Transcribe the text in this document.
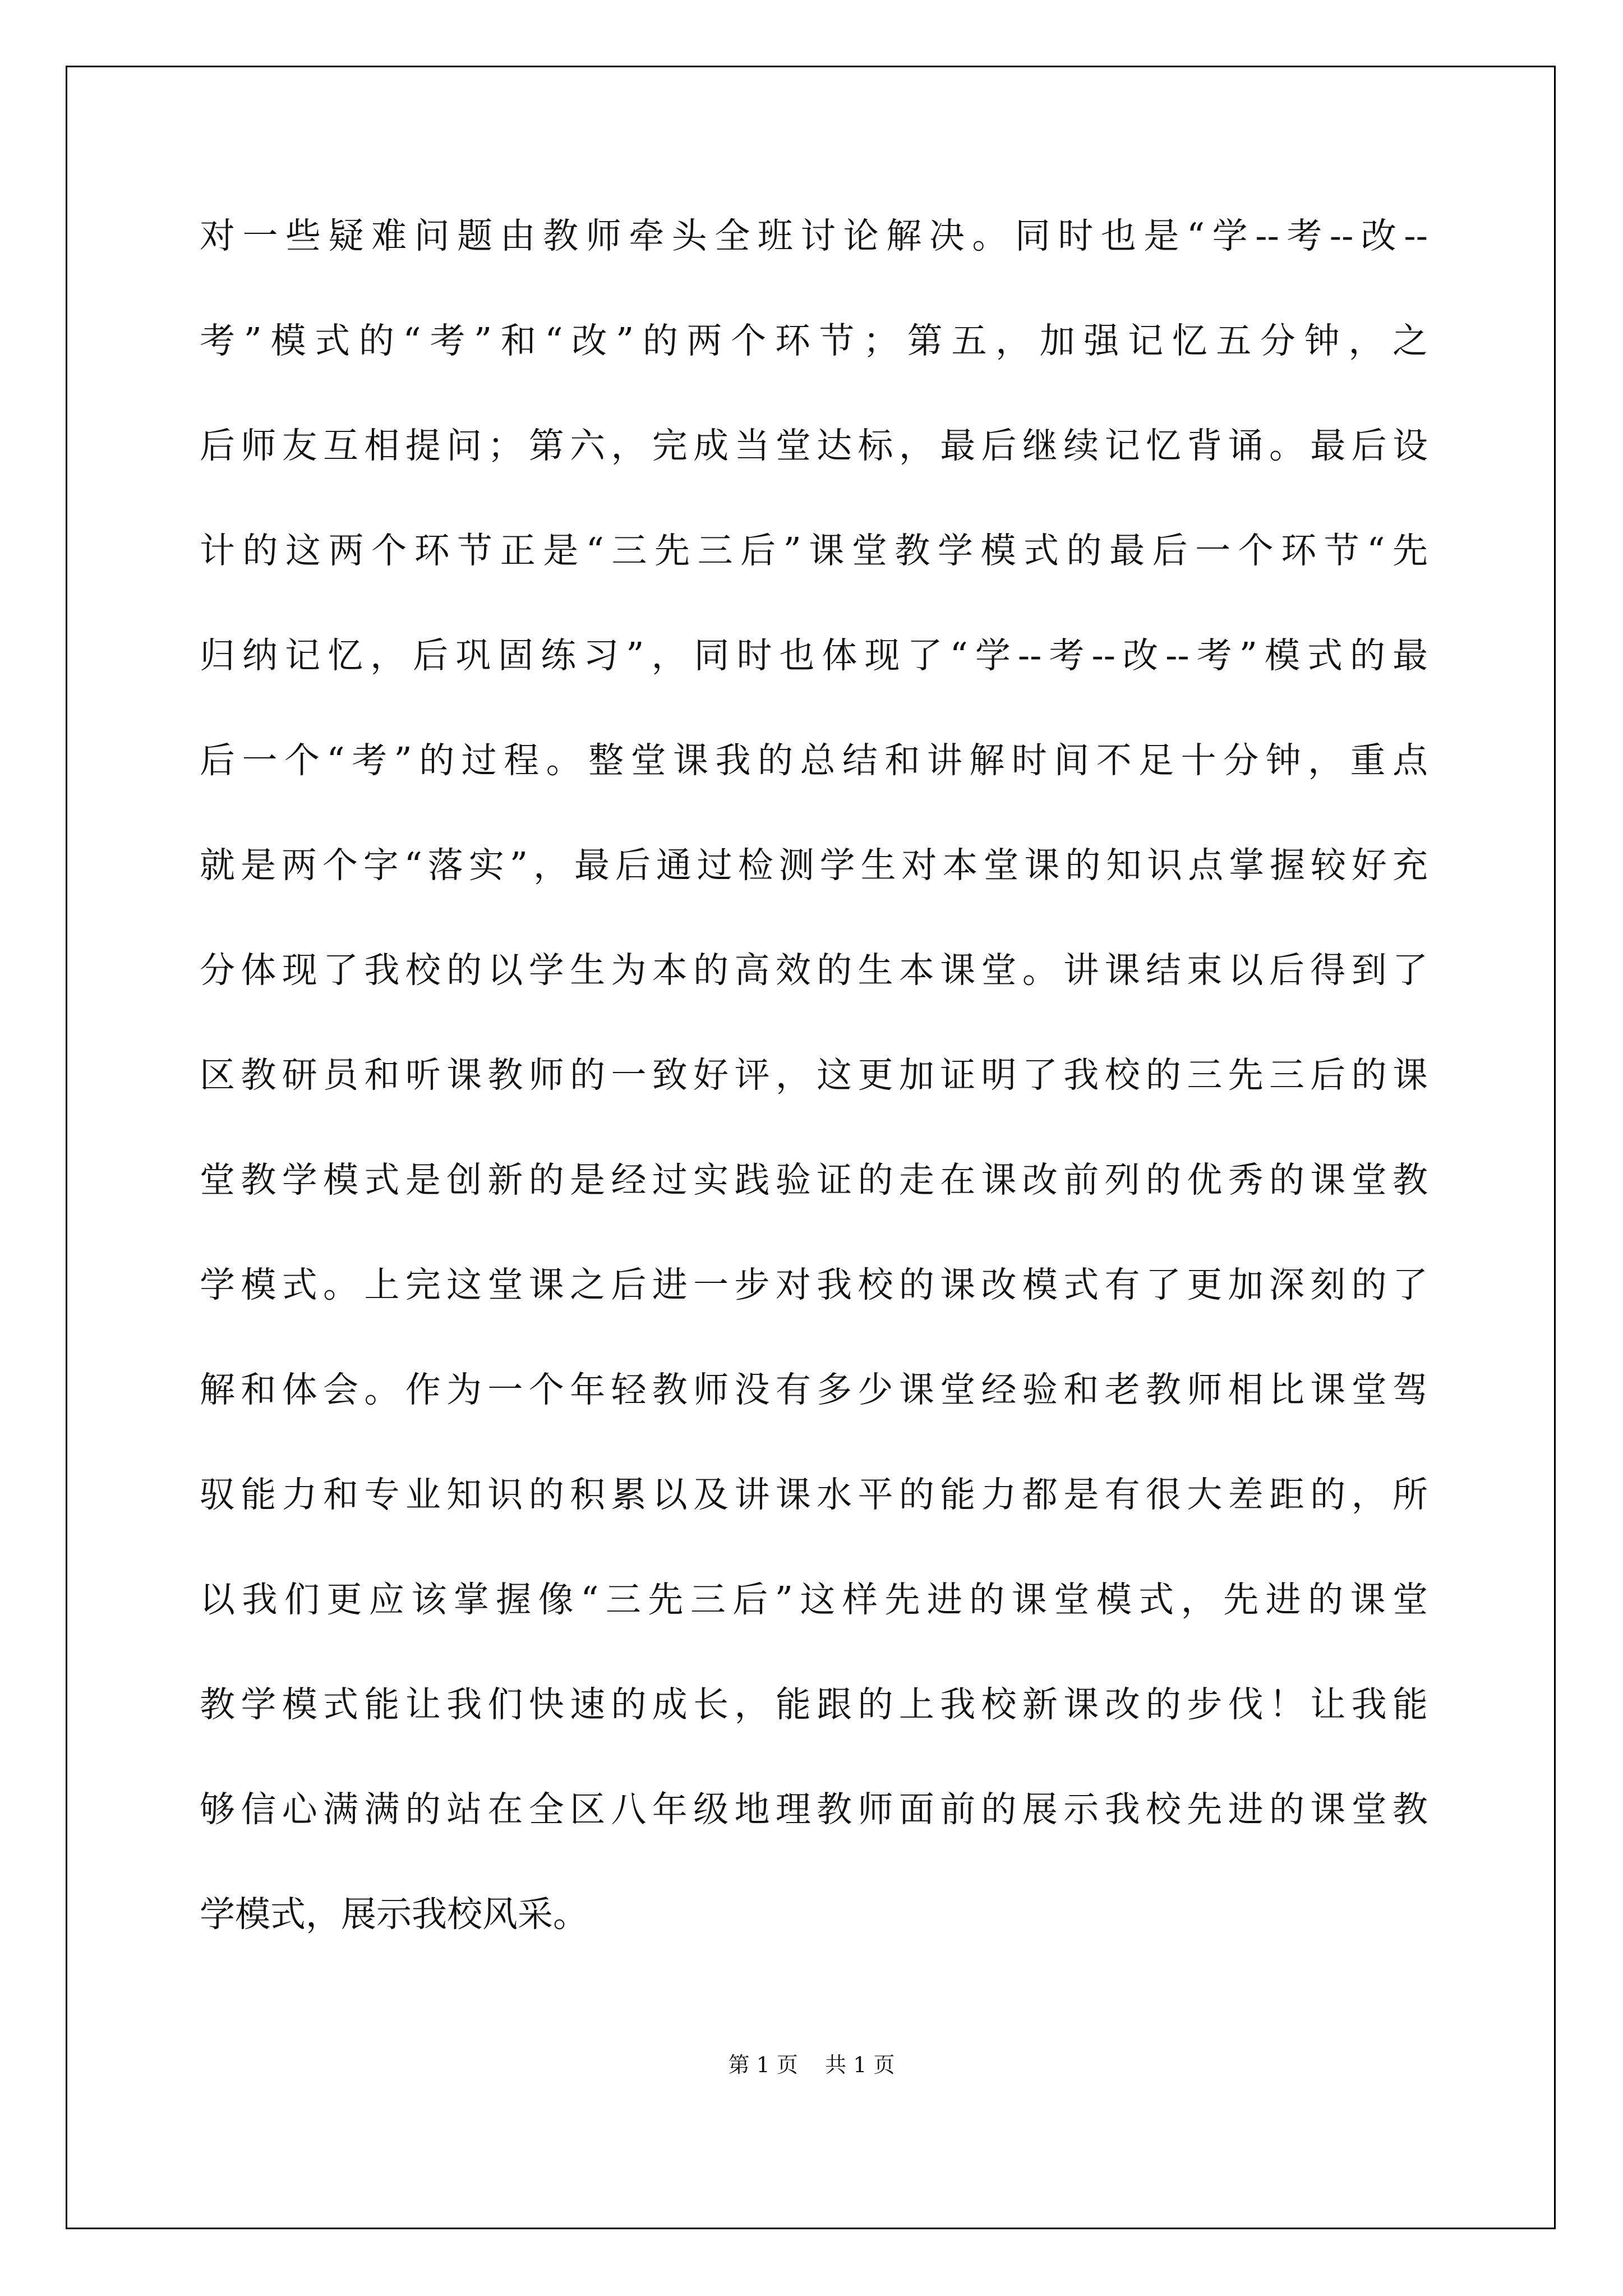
对一些疑难问题由教师牵头全班讨论解决。同时也是“学--考--改--
考”模式的“考”和“改”的两个环节；第五，加强记忆五分钟，之
后师友互相提问；第六，完成当堂达标，最后继续记忆背诵。最后设
计的这两个环节正是“三先三后”课堂教学模式的最后一个环节“先
归纳记忆，后巩固练习”，同时也体现了“学--考--改--考”模式的最
后一个“考”的过程。整堂课我的总结和讲解时间不足十分钟，重点
就是两个字“落实”，最后通过检测学生对本堂课的知识点掌握较好充
分体现了我校的以学生为本的高效的生本课堂。讲课结束以后得到了
区教研员和听课教师的一致好评，这更加证明了我校的三先三后的课
堂教学模式是创新的是经过实践验证的走在课改前列的优秀的课堂教
学模式。上完这堂课之后进一步对我校的课改模式有了更加深刻的了
解和体会。作为一个年轻教师没有多少课堂经验和老教师相比课堂驾
驭能力和专业知识的积累以及讲课水平的能力都是有很大差距的，所
以我们更应该掌握像“三先三后”这样先进的课堂模式，先进的课堂
教学模式能让我们快速的成长，能跟的上我校新课改的步伐！让我能
够信心满满的站在全区八年级地理教师面前的展示我校先进的课堂教
学模式，展示我校风采。
第 1 页    共 1 页
